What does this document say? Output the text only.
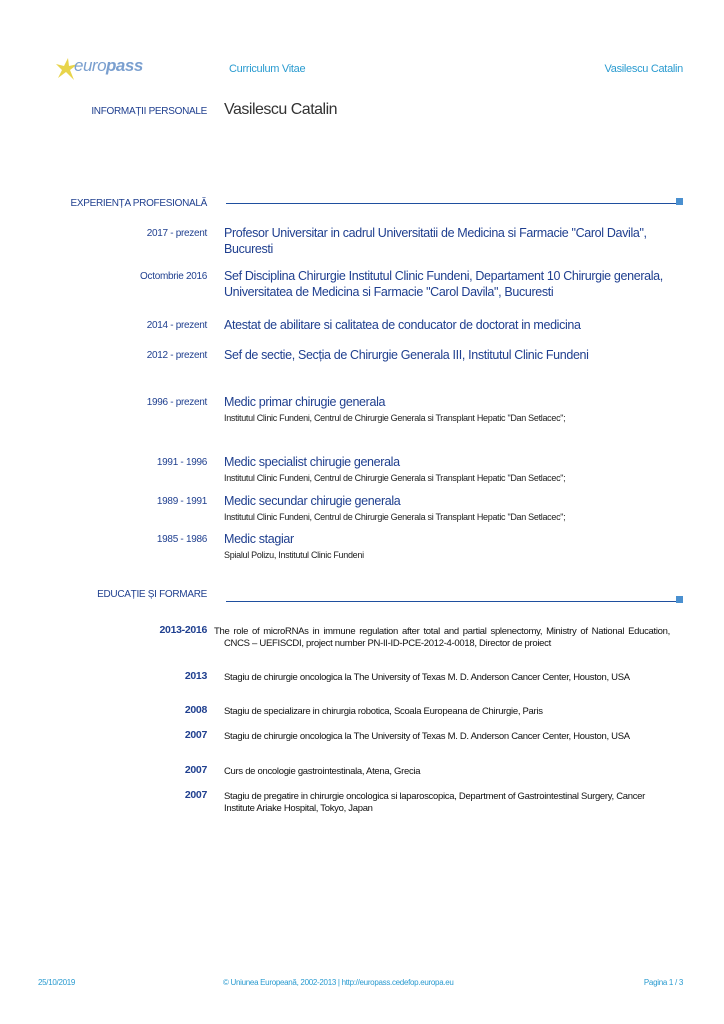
europass	Curriculum Vitae	Vasilescu Catalin
INFORMAȚII PERSONALE Vasilescu Catalin
EXPERIENȚA PROFESIONALĂ
2017 - prezent Profesor Universitar in cadrul Universitatii de Medicina si Farmacie "Carol Davila", Bucuresti
Octombrie 2016 Sef Disciplina Chirurgie Institutul Clinic Fundeni, Departament 10 Chirurgie generala, Universitatea de Medicina si Farmacie "Carol Davila", Bucuresti
2014 - prezent Atestat de abilitare si calitatea de conducator de doctorat in medicina
2012 - prezent Sef de sectie, Secția de Chirurgie Generala III, Institutul Clinic Fundeni
1996 - prezent Medic primar chirugie generala
Institutul Clinic Fundeni, Centrul de Chirurgie Generala si Transplant Hepatic "Dan Setlacec";
1991 - 1996 Medic specialist chirugie generala
Institutul Clinic Fundeni, Centrul de Chirurgie Generala si Transplant Hepatic "Dan Setlacec";
1989 - 1991 Medic secundar chirugie generala
Institutul Clinic Fundeni, Centrul de Chirurgie Generala si Transplant Hepatic "Dan Setlacec";
1985 - 1986 Medic stagiar
Spialul Polizu, Institutul Clinic Fundeni
EDUCAȚIE ȘI FORMARE
2013-2016 The role of microRNAs in immune regulation after total and partial splenectomy, Ministry of National Education, CNCS – UEFISCDI, project number PN-II-ID-PCE-2012-4-0018, Director de proiect
2013 Stagiu de chirurgie oncologica la The University of Texas M. D. Anderson Cancer Center, Houston, USA
2008 Stagiu de specializare in chirurgia robotica, Scoala Europeana de Chirurgie, Paris
2007 Stagiu de chirurgie oncologica la The University of Texas M. D. Anderson Cancer Center, Houston, USA
2007 Curs de oncologie gastrointestinala, Atena, Grecia
2007 Stagiu de pregatire in chirurgie oncologica si laparoscopica, Department of Gastrointestinal Surgery, Cancer Institute Ariake Hospital, Tokyo, Japan
25/10/2019	© Uniunea Europeană, 2002-2013 | http://europass.cedefop.europa.eu	Pagina 1 / 3
